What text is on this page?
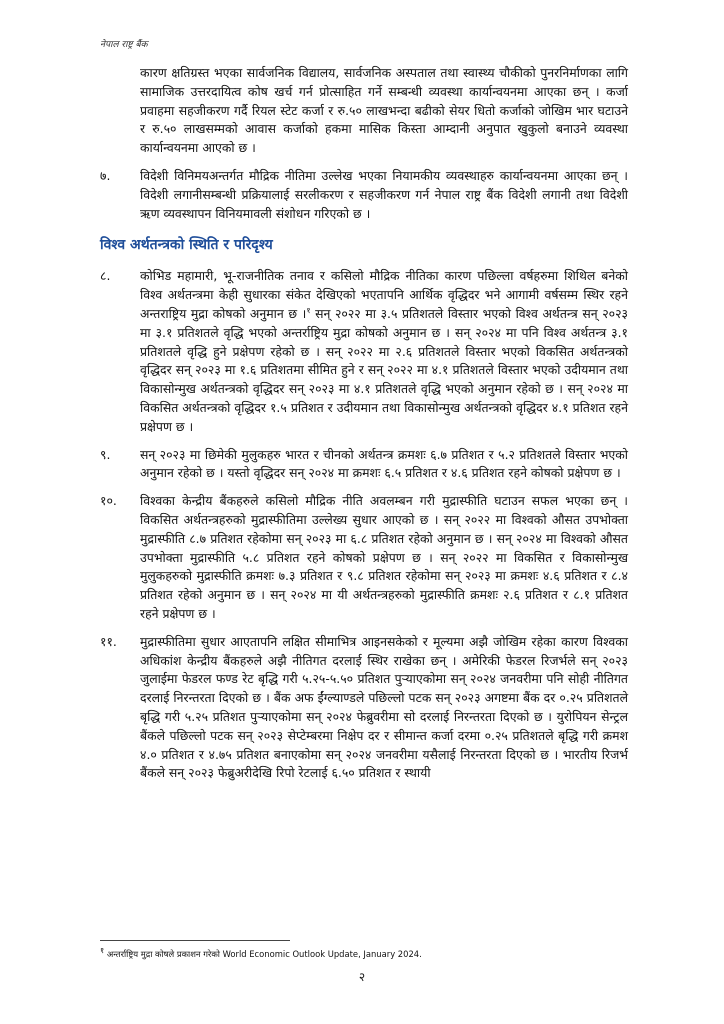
नेपाल राष्ट्र बैंक

कारण क्षतिग्रस्त भएका सार्वजनिक विद्यालय, सार्वजनिक अस्पताल तथा स्वास्थ्य चौकीको पुनरनिर्माणका लागि सामाजिक उत्तरदायित्व कोष खर्च गर्न प्रोत्साहित गर्ने सम्बन्धी व्यवस्था कार्यान्वयनमा आएका छन् । कर्जा प्रवाहमा सहजीकरण गर्दै रियल स्टेट कर्जा र रु.५० लाखभन्दा बढीको सेयर धितो कर्जाको जोखिम भार घटाउने र रु.५० लाखसम्मको आवास कर्जाको हकमा मासिक किस्ता आम्दानी अनुपात खुकुलो बनाउने व्यवस्था कार्यान्वयनमा आएको छ ।

७.	विदेशी विनिमयअन्तर्गत मौद्रिक नीतिमा उल्लेख भएका नियामकीय व्यवस्थाहरु कार्यान्वयनमा आएका छन् । विदेशी लगानीसम्बन्धी प्रक्रियालाई सरलीकरण र सहजीकरण गर्न नेपाल राष्ट्र बैंक विदेशी लगानी तथा विदेशी ऋण व्यवस्थापन विनियमावली संशोधन गरिएको छ ।
विश्व अर्थतन्त्रको स्थिति र परिदृश्य
८.	कोभिड महामारी, भू-राजनीतिक तनाव र कसिलो मौद्रिक नीतिका कारण पछिल्ला वर्षहरुमा शिथिल बनेको विश्व अर्थतन्त्रमा केही सुधारका संकेत देखिएको भएतापनि आर्थिक वृद्धिदर भने आगामी वर्षसम्म स्थिर रहने अन्तराष्ट्रिय मुद्रा कोषको अनुमान छ ।$^१$ सन् २०२२ मा ३.५ प्रतिशतले विस्तार भएको विश्व अर्थतन्त्र सन् २०२३ मा ३.१ प्रतिशतले वृद्धि भएको अन्तर्राष्ट्रिय मुद्रा कोषको अनुमान छ । सन् २०२४ मा पनि विश्व अर्थतन्त्र ३.१ प्रतिशतले वृद्धि हुने प्रक्षेपण रहेको छ । सन् २०२२ मा २.६ प्रतिशतले विस्तार भएको विकसित अर्थतन्त्रको वृद्धिदर सन् २०२३ मा १.६ प्रतिशतमा सीमित हुने र सन् २०२२ मा ४.१ प्रतिशतले विस्तार भएको उदीयमान तथा विकासोन्मुख अर्थतन्त्रको वृद्धिदर सन् २०२३ मा ४.१ प्रतिशतले वृद्धि भएको अनुमान रहेको छ । सन् २०२४ मा विकसित अर्थतन्त्रको वृद्धिदर १.५ प्रतिशत र उदीयमान तथा विकासोन्मुख अर्थतन्त्रको वृद्धिदर ४.१ प्रतिशत रहने प्रक्षेपण छ ।
९.	सन् २०२३ मा छिमेकी मुलुकहरु भारत र चीनको अर्थतन्त्र क्रमशः ६.७ प्रतिशत र ५.२ प्रतिशतले विस्तार भएको अनुमान रहेको छ । यस्तो वृद्धिदर सन् २०२४ मा क्रमशः ६.५ प्रतिशत र ४.६ प्रतिशत रहने कोषको प्रक्षेपण छ ।
१०.	विश्वका केन्द्रीय बैंकहरुले कसिलो मौद्रिक नीति अवलम्बन गरी मुद्रास्फीति घटाउन सफल भएका छन् । विकसित अर्थतन्त्रहरुको मुद्रास्फीतिमा उल्लेख्य सुधार आएको छ । सन् २०२२ मा विश्वको औसत उपभोक्ता मुद्रास्फीति ८.७ प्रतिशत रहेकोमा सन् २०२३ मा ६.८ प्रतिशत रहेको अनुमान छ । सन् २०२४ मा विश्वको औसत उपभोक्ता मुद्रास्फीति ५.८ प्रतिशत रहने कोषको प्रक्षेपण छ । सन् २०२२ मा विकसित र विकासोन्मुख मुलुकहरुको मुद्रास्फीति क्रमशः ७.३ प्रतिशत र ९.८ प्रतिशत रहेकोमा सन् २०२३ मा क्रमशः ४.६ प्रतिशत र ८.४ प्रतिशत रहेको अनुमान छ । सन् २०२४ मा यी अर्थतन्त्रहरुको मुद्रास्फीति क्रमशः २.६ प्रतिशत र ८.१ प्रतिशत रहने प्रक्षेपण छ ।
११.	मुद्रास्फीतिमा सुधार आएतापनि लक्षित सीमाभित्र आइनसकेको र मूल्यमा अझै जोखिम रहेका कारण विश्वका अधिकांश केन्द्रीय बैंकहरुले अझै नीतिगत दरलाई स्थिर राखेका छन् । अमेरिकी फेडरल रिजर्भले सन् २०२३ जुलाईमा फेडरल फण्ड रेट बृद्धि गरी ५.२५-५.५० प्रतिशत पुर्‍याएकोमा सन् २०२४ जनवरीमा पनि सोही नीतिगत दरलाई निरन्तरता दिएको छ । बैंक अफ ईंग्ल्याण्डले पछिल्लो पटक सन् २०२३ अगष्टमा बैंक दर ०.२५ प्रतिशतले बृद्धि गरी ५.२५ प्रतिशत पुर्‍याएकोमा सन् २०२४ फेब्रुवरीमा सो दरलाई निरन्तरता दिएको छ । युरोपियन सेन्ट्रल बैंकले पछिल्लो पटक सन् २०२३ सेप्टेम्बरमा निक्षेप दर र सीमान्त कर्जा दरमा ०.२५ प्रतिशतले बृद्धि गरी क्रमश ४.० प्रतिशत र ४.७५ प्रतिशत बनाएकोमा सन् २०२४ जनवरीमा यसैलाई निरन्तरता दिएको छ । भारतीय रिजर्भ बैंकले सन् २०२३ फेब्रुअरीदेखि रिपो रेटलाई ६.५० प्रतिशत र स्थायी
$^१$ अन्तर्राष्ट्रिय मुद्रा कोषले प्रकाशन गरेको World Economic Outlook Update, January 2024.
२
